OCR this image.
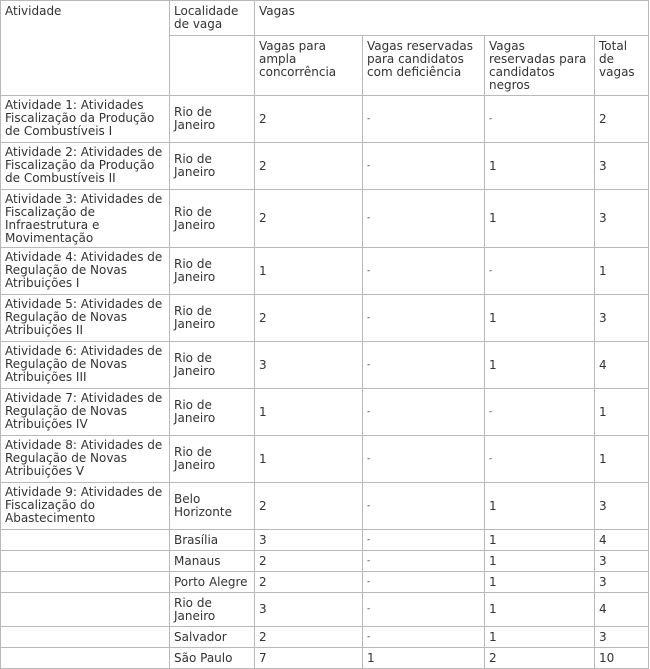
Atividade	Localidade de vaga	Vagas			
		Vagas para ampla concorrência	Vagas reservadas para candidatos com deficiência	Vagas reservadas para candidatos negros	Total de vagas
Atividade 1: Atividades Fiscalização da Produção de Combustíveis I	Rio de Janeiro	2	-	-	2
Atividade 2: Atividades de Fiscalização da Produção de Combustíveis II	Rio de Janeiro	2	-	1	3
Atividade 3: Atividades de Fiscalização de Infraestrutura e Movimentação	Rio de Janeiro	2	-	1	3
Atividade 4: Atividades de Regulação de Novas Atribuições I	Rio de Janeiro	1	-	-	1
Atividade 5: Atividades de Regulação de Novas Atribuições II	Rio de Janeiro	2	-	1	3
Atividade 6: Atividades de Regulação de Novas Atribuições III	Rio de Janeiro	3	-	1	4
Atividade 7: Atividades de Regulação de Novas Atribuições IV	Rio de Janeiro	1	-	-	1
Atividade 8: Atividades de Regulação de Novas Atribuições V	Rio de Janeiro	1	-	-	1
Atividade 9: Atividades de Fiscalização do Abastecimento	Belo Horizonte	2	-	1	3
	Brasília	3	-	1	4
	Manaus	2	-	1	3
	Porto Alegre	2	-	1	3
	Rio de Janeiro	3	-	1	4
	Salvador	2	-	1	3
	São Paulo	7	1	2	10
